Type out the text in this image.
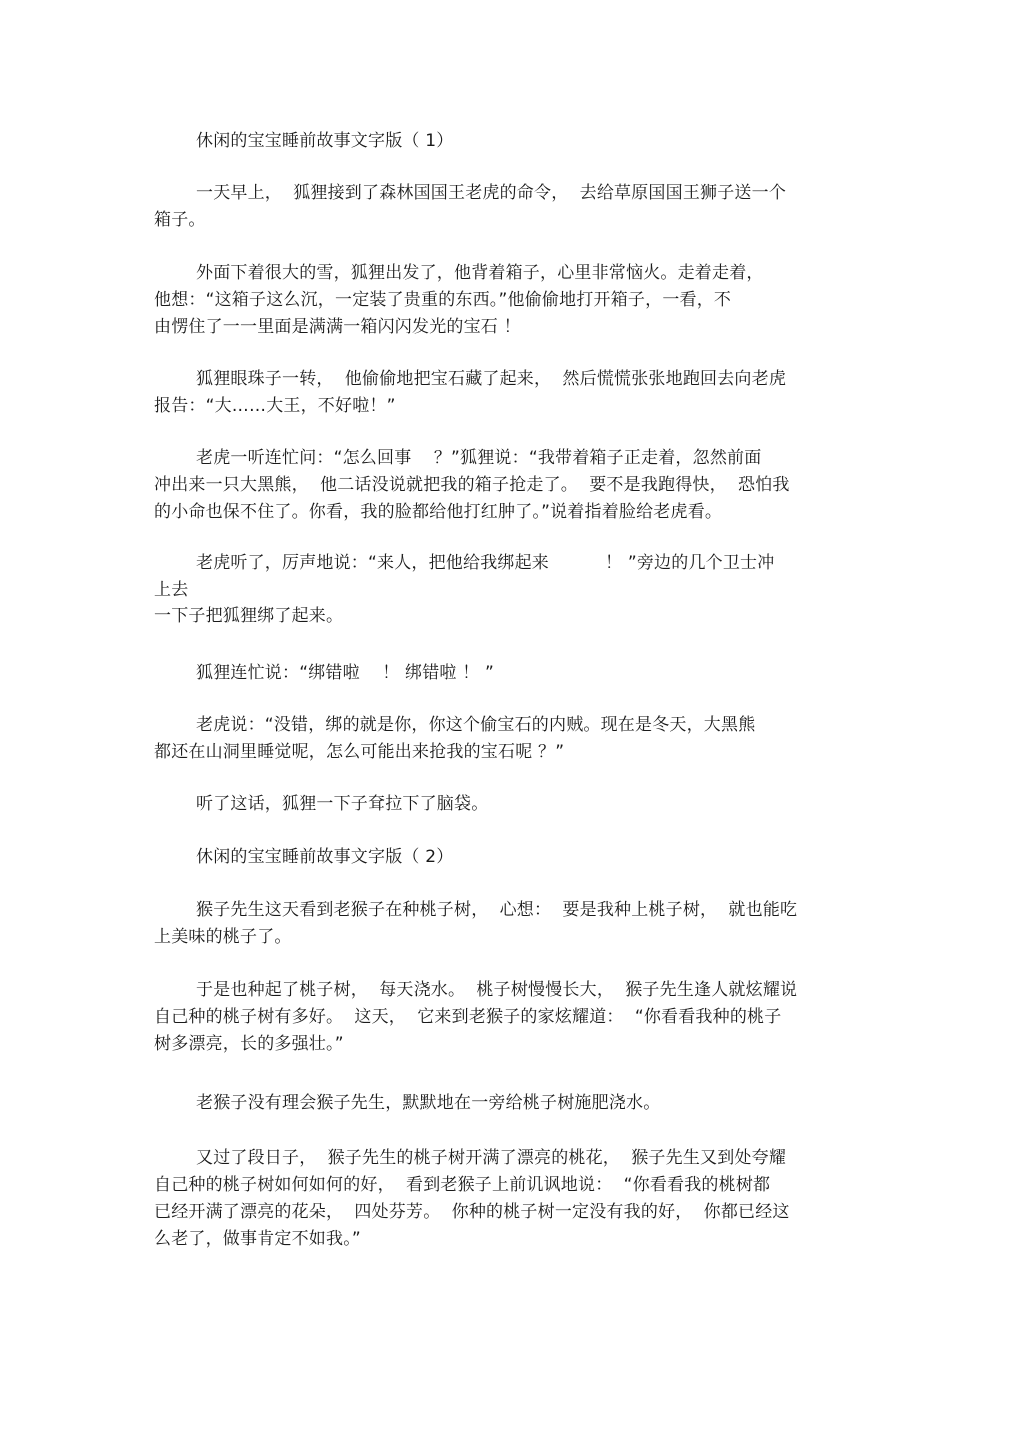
休闲的宝宝睡前故事文字版（ 1）
一天早上，  狐狸接到了森林国国王老虎的命令，  去给草原国国王狮子送一个
箱子。
外面下着很大的雪，狐狸出发了，他背着箱子，心里非常恼火。走着走着，
他想：“这箱子这么沉，一定装了贵重的东西。”他偷偷地打开箱子，一看，不
由愣住了一一里面是满满一箱闪闪发光的宝石 ！
狐狸眼珠子一转，  他偷偷地把宝石藏了起来，  然后慌慌张张地跑回去向老虎
报告：“大……大王，不好啦！”
老虎一听连忙问：“怎么回事    ？”狐狸说：“我带着箱子正走着，忽然前面
冲出来一只大黑熊，  他二话没说就把我的箱子抢走了。  要不是我跑得快，  恐怕我
的小命也保不住了。你看，我的脸都给他打红肿了。”说着指着脸给老虎看。
老虎听了，厉声地说：“来人，把他给我绑起来          ！ ”旁边的几个卫士冲
上去
一下子把狐狸绑了起来。
狐狸连忙说：“绑错啦    ！ 绑错啦 ！ ”
老虎说：“没错，绑的就是你，你这个偷宝石的内贼。现在是冬天，大黑熊
都还在山洞里睡觉呢，怎么可能出来抢我的宝石呢 ？”
听了这话，狐狸一下子耷拉下了脑袋。
休闲的宝宝睡前故事文字版（ 2）
猴子先生这天看到老猴子在种桃子树，  心想：  要是我种上桃子树，  就也能吃
上美味的桃子了。
于是也种起了桃子树，  每天浇水。  桃子树慢慢长大，  猴子先生逢人就炫耀说
自己种的桃子树有多好。  这天，  它来到老猴子的家炫耀道：  “你看看我种的桃子
树多漂亮，长的多强壮。”
老猴子没有理会猴子先生，默默地在一旁给桃子树施肥浇水。
又过了段日子，  猴子先生的桃子树开满了漂亮的桃花，  猴子先生又到处夸耀
自己种的桃子树如何如何的好，  看到老猴子上前讥讽地说：  “你看看我的桃树都
已经开满了漂亮的花朵，  四处芬芳。  你种的桃子树一定没有我的好，  你都已经这
么老了，做事肯定不如我。”
